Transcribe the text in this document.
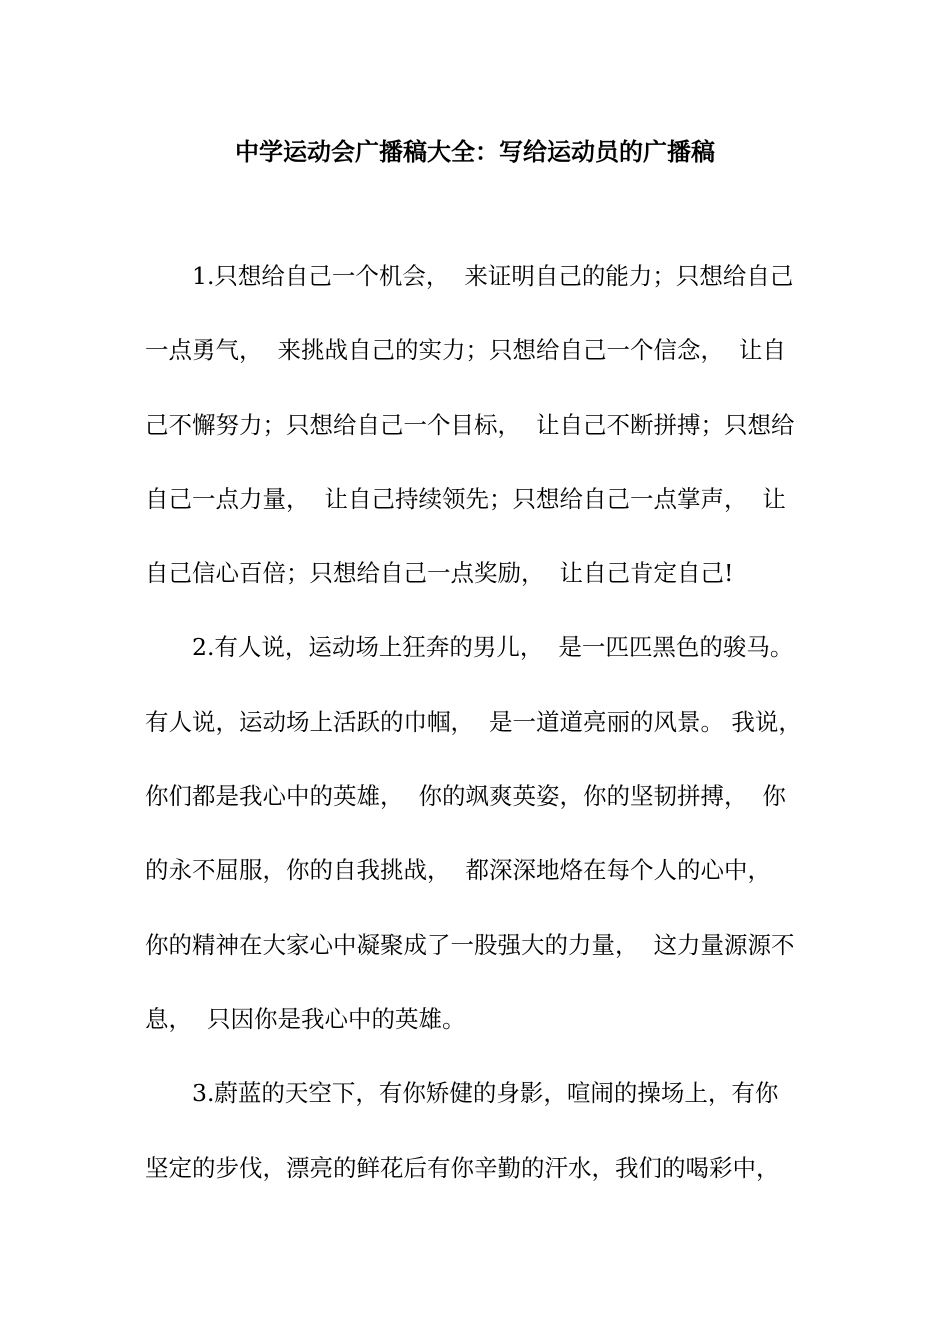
中学运动会广播稿大全：写给运动员的广播稿
1.只想给自己一个机会，  来证明自己的能力；只想给自己
一点勇气，  来挑战自己的实力；只想给自己一个信念，  让自
己不懈努力；只想给自己一个目标，  让自己不断拼搏；只想给
自己一点力量，  让自己持续领先；只想给自己一点掌声，  让
自己信心百倍；只想给自己一点奖励，  让自己肯定自己!
2.有人说，运动场上狂奔的男儿，  是一匹匹黑色的骏马。
有人说，运动场上活跃的巾帼，  是一道道亮丽的风景。 我说，
你们都是我心中的英雄，  你的飒爽英姿，你的坚韧拼搏，  你
的永不屈服，你的自我挑战，  都深深地烙在每个人的心中，
你的精神在大家心中凝聚成了一股强大的力量，  这力量源源不
息，  只因你是我心中的英雄。
3.蔚蓝的天空下，有你矫健的身影，喧闹的操场上，有你
坚定的步伐，漂亮的鲜花后有你辛勤的汗水，我们的喝彩中，
